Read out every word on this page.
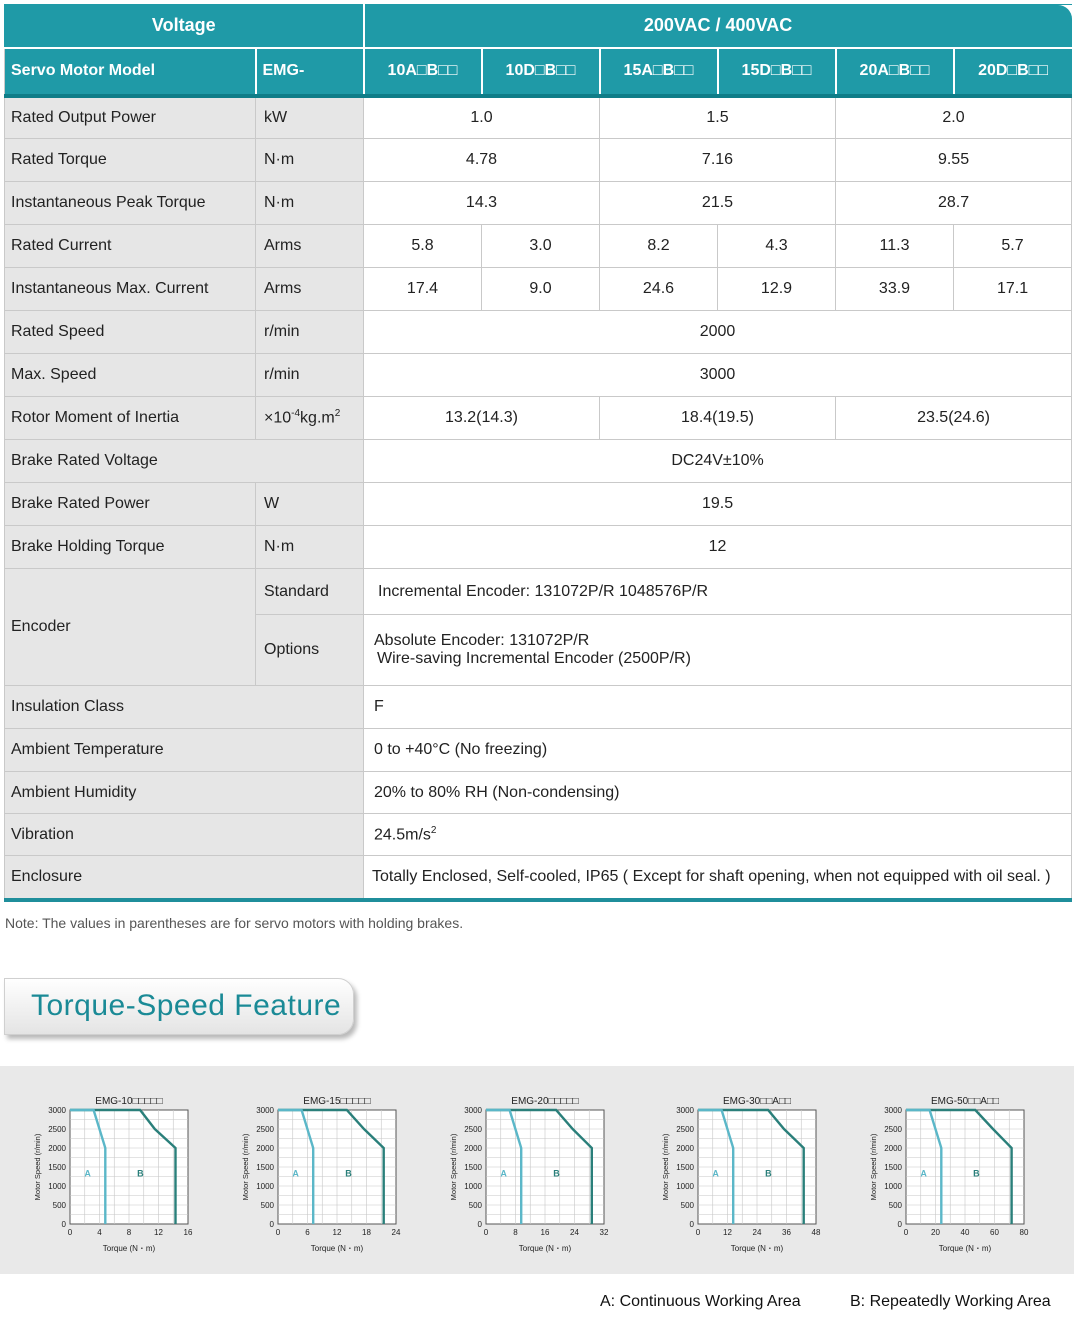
Voltage		200VAC / 400VAC					
Servo Motor Model	EMG-	10A□B□□	10D□B□□	15A□B□□	15D□B□□	20A□B□□	20D□B□□
Rated Output Power	kW	1.0		1.5		2.0	
Rated Torque	N·m	4.78		7.16		9.55	
Instantaneous Peak Torque	N·m	14.3		21.5		28.7	
Rated Current	Arms	5.8	3.0	8.2	4.3	11.3	5.7
Instantaneous Max. Current	Arms	17.4	9.0	24.6	12.9	33.9	17.1
Rated Speed	r/min	2000					
Max. Speed	r/min	3000					
Rotor Moment of Inertia	$\times 10^{-4}kg.m^2$	13.2(14.3)		18.4(19.5)		23.5(24.6)	
Brake Rated Voltage		DC24V±10%					
Brake Rated Power	W	19.5					
Brake Holding Torque	N·m	12					
Encoder	Standard	Incremental Encoder: 131072P/R 1048576P/R					
	Options	Absolute Encoder: 131072P/R
Wire-saving Incremental Encoder (2500P/R)					

Insulation Class		F					
Ambient Temperature		0 to +40°C (No freezing)					
Ambient Humidity		20% to 80% RH (Non-condensing)					
Vibration		$24.5m/s^2$
Enclosure		Totally Enclosed, Self-cooled, IP65 ( Except for shaft opening, when not equipped with oil seal. )					
Note: The values in parentheses are for servo motors with holding brakes.
Torque-Speed Feature
EMG-10□□□□□
0
500
1000
1500
2000
2500
3000
0	4	8	12	16
Torque (N・m)
Motor Speed (r/min)	A	B
EMG-15□□□□□
0
500
1000
1500
2000
2500
3000
0	6	12	18	24
Torque (N・m)
Motor Speed (r/min)	A	B
EMG-20□□□□□
0
500
1000
1500
2000
2500
3000
0	8	16	24	32
Torque (N・m)
Motor Speed (r/min)	A	B
EMG-30□□A□□
0
500
1000
1500
2000
2500
3000
0	12	24	36	48
Torque (N・m)
Motor Speed (r/min)	A	B
EMG-50□□A□□
0
500
1000
1500
2000
2500
3000
0	20	40	60	80
Torque (N・m)
Motor Speed (r/min)	A	B
A: Continuous Working Area	B: Repeatedly Working Area
